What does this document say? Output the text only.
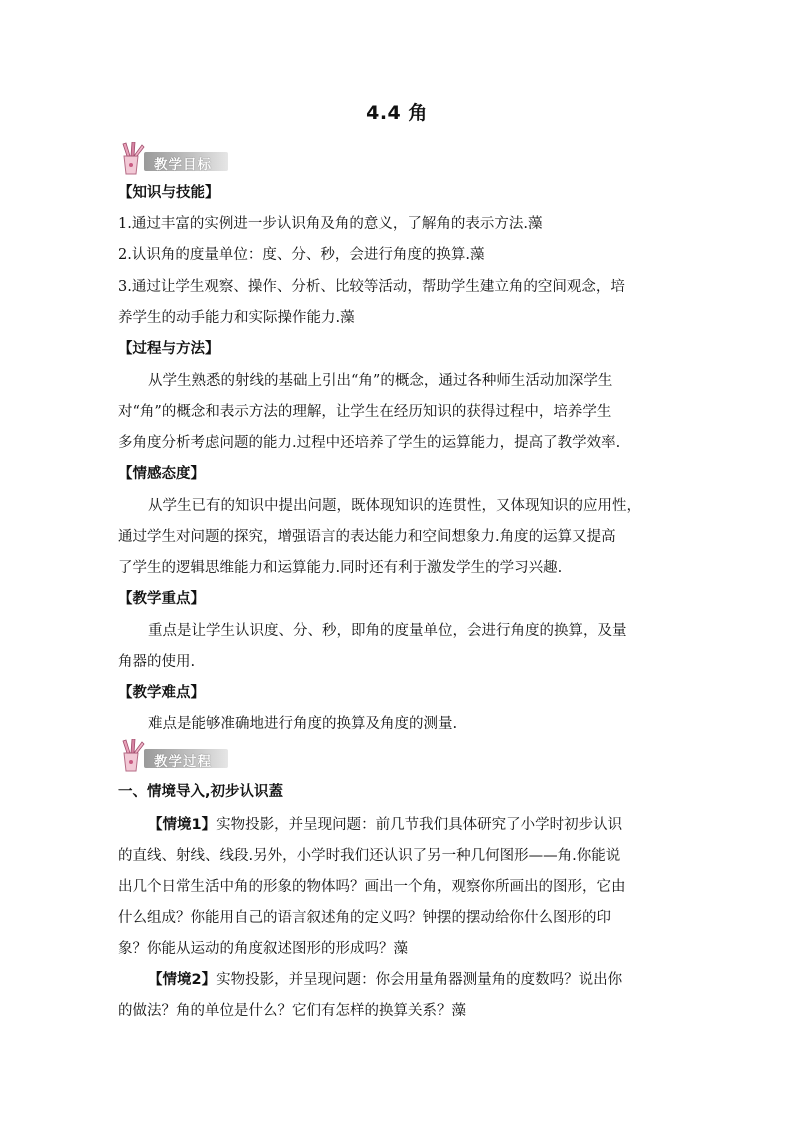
4.4 角
教学目标
【知识与技能】
1.通过丰富的实例进一步认识角及角的意义，了解角的表示方法.藻
2.认识角的度量单位：度、分、秒，会进行角度的换算.藻
3.通过让学生观察、操作、分析、比较等活动，帮助学生建立角的空间观念，培
养学生的动手能力和实际操作能力.藻
【过程与方法】
从学生熟悉的射线的基础上引出“角”的概念，通过各种师生活动加深学生
对“角”的概念和表示方法的理解，让学生在经历知识的获得过程中，培养学生
多角度分析考虑问题的能力.过程中还培养了学生的运算能力，提高了教学效率.
【情感态度】
从学生已有的知识中提出问题，既体现知识的连贯性，又体现知识的应用性，
通过学生对问题的探究，增强语言的表达能力和空间想象力.角度的运算又提高
了学生的逻辑思维能力和运算能力.同时还有利于激发学生的学习兴趣.
【教学重点】
重点是让学生认识度、分、秒，即角的度量单位，会进行角度的换算，及量
角器的使用.
【教学难点】
难点是能够准确地进行角度的换算及角度的测量.
教学过程
一、情境导入,初步认识蓋
【情境1】实物投影，并呈现问题：前几节我们具体研究了小学时初步认识
的直线、射线、线段.另外，小学时我们还认识了另一种几何图形——角.你能说
出几个日常生活中角的形象的物体吗？画出一个角，观察你所画出的图形，它由
什么组成？你能用自己的语言叙述角的定义吗？钟摆的摆动给你什么图形的印
象？你能从运动的角度叙述图形的形成吗？藻
【情境2】实物投影，并呈现问题：你会用量角器测量角的度数吗？说出你
的做法？角的单位是什么？它们有怎样的换算关系？藻
